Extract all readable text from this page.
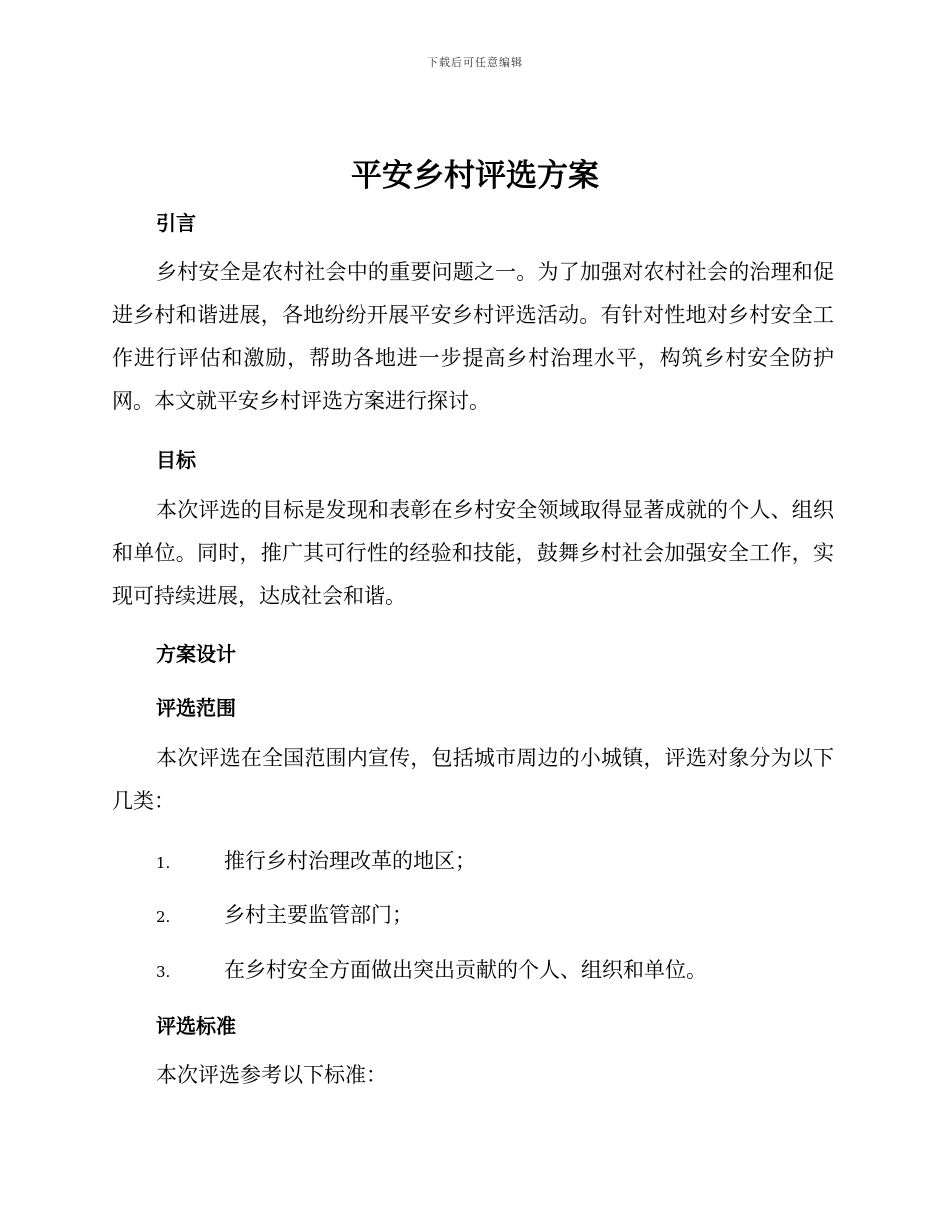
下载后可任意编辑
平安乡村评选方案
引言

乡村安全是农村社会中的重要问题之一。为了加强对农村社会的治理和促进乡村和谐进展，各地纷纷开展平安乡村评选活动。有针对性地对乡村安全工作进行评估和激励，帮助各地进一步提高乡村治理水平，构筑乡村安全防护网。本文就平安乡村评选方案进行探讨。

目标

本次评选的目标是发现和表彰在乡村安全领域取得显著成就的个人、组织和单位。同时，推广其可行性的经验和技能，鼓舞乡村社会加强安全工作，实现可持续进展，达成社会和谐。

方案设计
评选范围

本次评选在全国范围内宣传，包括城市周边的小城镇，评选对象分为以下几类：

1.	推行乡村治理改革的地区；
2.	乡村主要监管部门；
3.	在乡村安全方面做出突出贡献的个人、组织和单位。
评选标准

本次评选参考以下标准：
